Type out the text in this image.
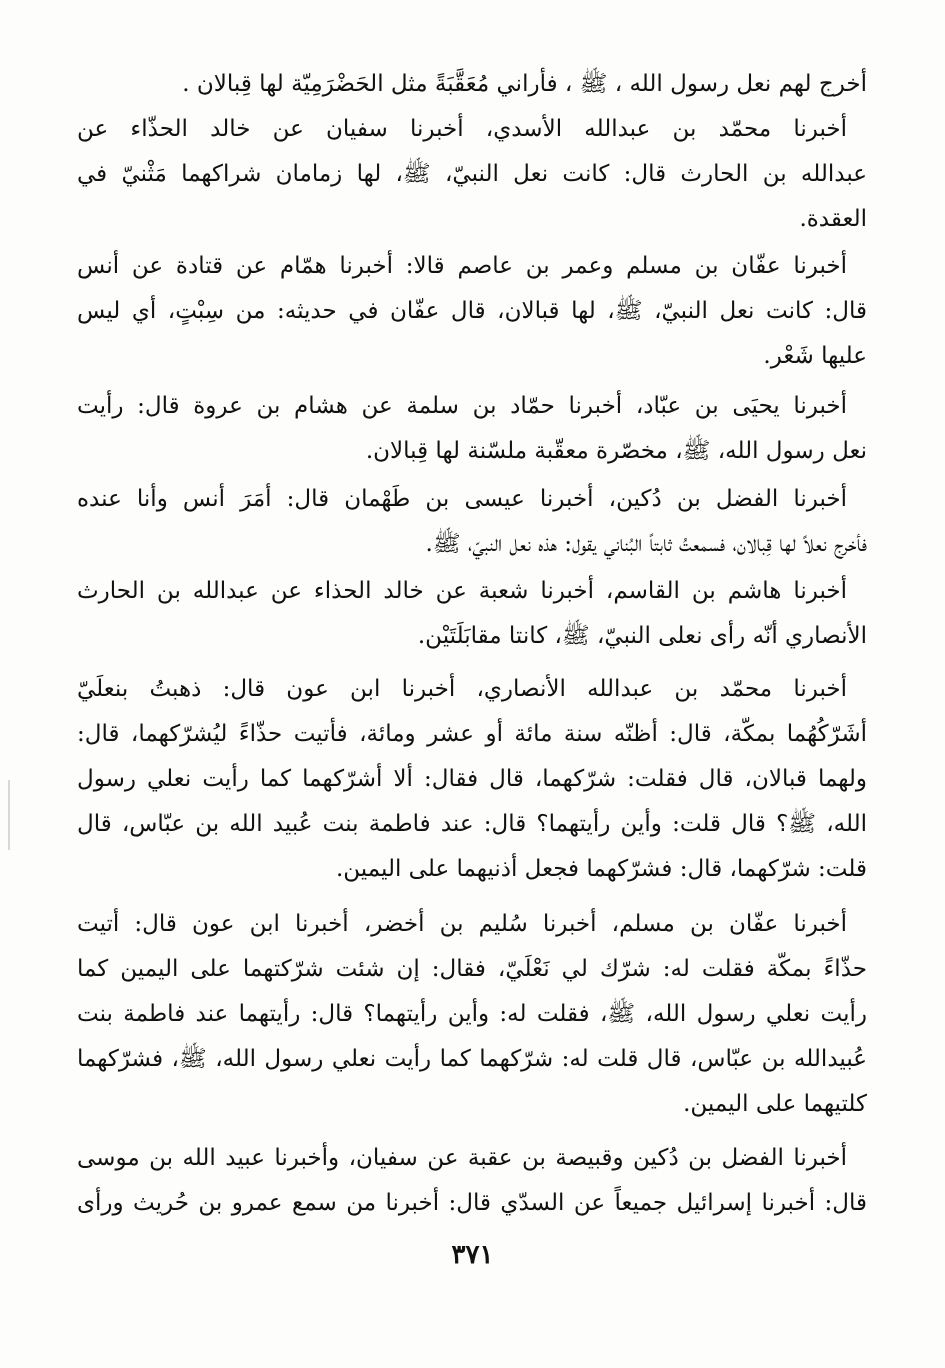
أخرج لهم نعل رسول الله ، ﷺ ، فأراني مُعَقَّبَةً مثل الحَضْرَمِيّة لها قِبالان .
أخبرنا محمّد بن عبدالله الأسدي، أخبرنا سفيان عن خالد الحذّاء عن
عبدالله بن الحارث قال: كانت نعل النبيّ، ﷺ، لها زمامان شراكهما مَثْنيّ في
العقدة.
أخبرنا عفّان بن مسلم وعمر بن عاصم قالا: أخبرنا همّام عن قتادة عن أنس
قال: كانت نعل النبيّ، ﷺ، لها قبالان، قال عفّان في حديثه: من سِبْتٍ، أي ليس
عليها شَعْر.
أخبرنا يحيَى بن عبّاد، أخبرنا حمّاد بن سلمة عن هشام بن عروة قال: رأيت
نعل رسول الله، ﷺ، مخصّرة معقّبة ملسّنة لها قِبالان.
أخبرنا الفضل بن دُكين، أخبرنا عيسى بن طَهْمان قال: أمَرَ أنس وأنا عنده
فأخرج نعلاً لها قِبالان، فسمعتُ ثابتاً البُناني يقول: هذه نعل النبيّ، ﷺ.
أخبرنا هاشم بن القاسم، أخبرنا شعبة عن خالد الحذاء عن عبدالله بن الحارث
الأنصاري أنّه رأى نعلى النبيّ، ﷺ، كانتا مقابَلَتَيْن.
أخبرنا محمّد بن عبدالله الأنصاري، أخبرنا ابن عون قال: ذهبتُ بنعلَيّ
أشَرّكُهُما بمكّة، قال: أظنّه سنة مائة أو عشر ومائة، فأتيت حذّاءً ليُشرّكهما، قال:
ولهما قبالان، قال فقلت: شرّكهما، قال فقال: ألا أشرّكهما كما رأيت نعلي رسول
الله، ﷺ؟ قال قلت: وأين رأيتهما؟ قال: عند فاطمة بنت عُبيد الله بن عبّاس، قال
قلت: شرّكهما، قال: فشرّكهما فجعل أذنيهما على اليمين.
أخبرنا عفّان بن مسلم، أخبرنا سُليم بن أخضر، أخبرنا ابن عون قال: أتيت
حذّاءً بمكّة فقلت له: شرّك لي نَعْلَيّ، فقال: إن شئت شرّكتهما على اليمين كما
رأيت نعلي رسول الله، ﷺ، فقلت له: وأين رأيتهما؟ قال: رأيتهما عند فاطمة بنت
عُبيدالله بن عبّاس، قال قلت له: شرّكهما كما رأيت نعلي رسول الله، ﷺ، فشرّكهما
كلتيهما على اليمين.
أخبرنا الفضل بن دُكين وقبيصة بن عقبة عن سفيان، وأخبرنا عبيد الله بن موسى
قال: أخبرنا إسرائيل جميعاً عن السدّي قال: أخبرنا من سمع عمرو بن حُريث ورأى
٣٧١
